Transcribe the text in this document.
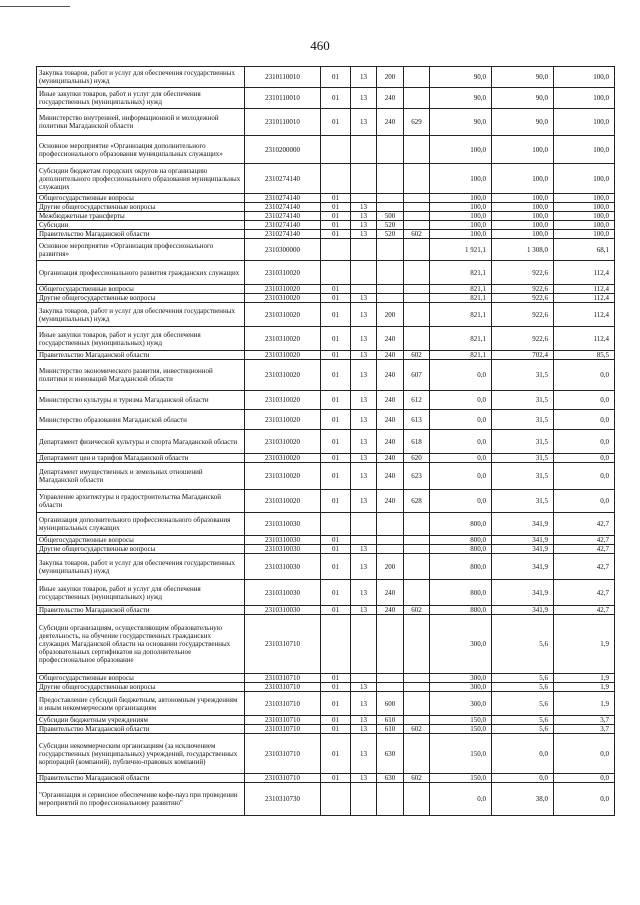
460
Закупка товаров, работ и услуг для обеспечения государственных (муниципальных) нужд	2310110010	01	13	200		90,0	90,0	100,0
Иные закупки товаров, работ и услуг для обеспечения государственных (муниципальных) нужд	2310110010	01	13	240		90,0	90,0	100,0
Министерство внутренней, информационной и молодежной политики Магаданской области	2310110010	01	13	240	629	90,0	90,0	100,0
Основное мероприятие «Организация дополнительного профессионального образования муниципальных служащих»	2310200000					100,0	100,0	100,0
Субсидии бюджетам городских округов на организацию дополнительного профессионального образования муниципальных служащих	2310274140					100,0	100,0	100,0
Общегосударственные вопросы	2310274140	01				100,0	100,0	100,0
Другие общегосударственные вопросы	2310274140	01	13			100,0	100,0	100,0
Межбюджетные трансферты	2310274140	01	13	500		100,0	100,0	100,0
Субсидии	2310274140	01	13	520		100,0	100,0	100,0
Правительство Магаданской области	2310274140	01	13	520	602	100,0	100,0	100,0
Основное мероприятие «Организация профессионального развития»	2310300000					1 921,1	1 308,0	68,1
Организация профессионального развития гражданских служащих	2310310020					821,1	922,6	112,4
Общегосударственные вопросы	2310310020	01				821,1	922,6	112,4
Другие общегосударственные вопросы	2310310020	01	13			821,1	922,6	112,4
Закупка товаров, работ и услуг для обеспечения государственных (муниципальных) нужд	2310310020	01	13	200		821,1	922,6	112,4
Иные закупки товаров, работ и услуг для обеспечения государственных (муниципальных) нужд	2310310020	01	13	240		821,1	922,6	112,4
Правительство Магаданской области	2310310020	01	13	240	602	821,1	702,4	85,5
Министерство экономического развития, инвестиционной политики и инноваций Магаданской области	2310310020	01	13	240	607	0,0	31,5	0,0
Министерство культуры и туризма Магаданской области	2310310020	01	13	240	612	0,0	31,5	0,0
Министерство образования Магаданской области	2310310020	01	13	240	613	0,0	31,5	0,0
Департамент физической культуры и спорта Магаданской области	2310310020	01	13	240	618	0,0	31,5	0,0
Департамент цен и тарифов Магаданской области	2310310020	01	13	240	620	0,0	31,5	0,0
Департамент имущественных и земельных отношений Магаданской области	2310310020	01	13	240	623	0,0	31,5	0,0
Управление архитектуры и градостроительства Магаданской области	2310310020	01	13	240	628	0,0	31,5	0,0
Организация дополнительного профессионального образования муниципальных служащих	2310310030					800,0	341,9	42,7
Общегосударственные вопросы	2310310030	01				800,0	341,9	42,7
Другие общегосударственные вопросы	2310310030	01	13			800,0	341,9	42,7
Закупка товаров, работ и услуг для обеспечения государственных (муниципальных) нужд	2310310030	01	13	200		800,0	341,9	42,7
Иные закупки товаров, работ и услуг для обеспечения государственных (муниципальных) нужд	2310310030	01	13	240		800,0	341,9	42,7
Правительство Магаданской области	2310310030	01	13	240	602	800,0	341,9	42,7
Субсидии организациям, осуществляющим образовательную деятельность, на обучение государственных гражданских служащих Магаданской области на основании государственных образовательных сертификатов на дополнительное профессиональное образование	2310310710					300,0	5,6	1,9
Общегосударственные вопросы	2310310710	01				300,0	5,6	1,9
Другие общегосударственные вопросы	2310310710	01	13			300,0	5,6	1,9
Предоставление субсидий бюджетным, автономным учреждениям и иным некоммерческим организациям	2310310710	01	13	600		300,0	5,6	1,9
Субсидии бюджетным учреждениям	2310310710	01	13	610		150,0	5,6	3,7
Правительство Магаданской области	2310310710	01	13	610	602	150,0	5,6	3,7
Субсидии некоммерческим организациям (за исключением государственных (муниципальных) учреждений, государственных корпораций (компаний), публично-правовых компаний)	2310310710	01	13	630		150,0	0,0	0,0
Правительство Магаданской области	2310310710	01	13	630	602	150,0	0,0	0,0
"Организация и сервисное обеспечение кофе-пауз при проведении мероприятий по профессиональному развитию"	2310310730					0,0	38,0	0,0
